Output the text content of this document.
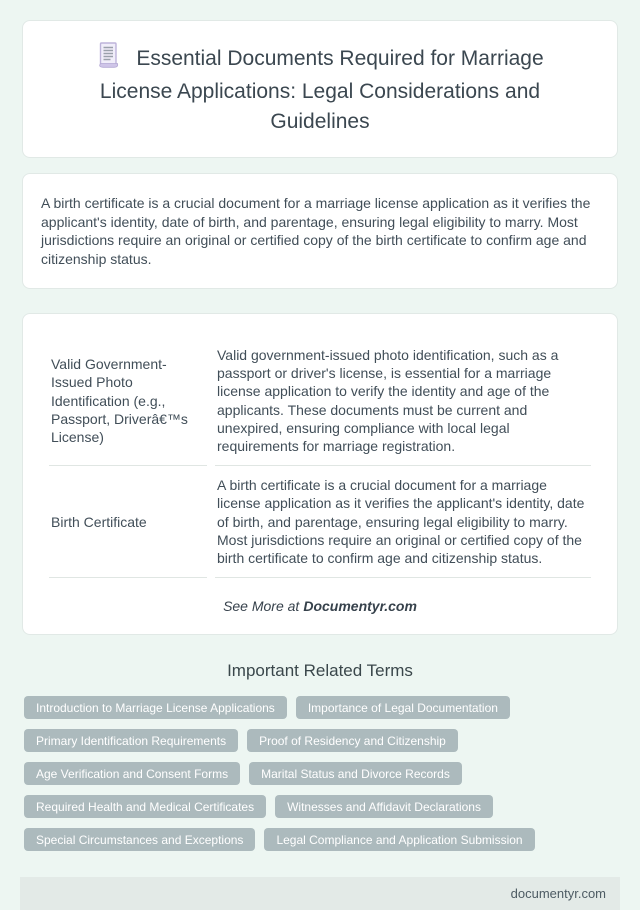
Essential Documents Required for Marriage
License Applications: Legal Considerations and
Guidelines

A birth certificate is a crucial document for a marriage license application as it verifies the applicant's identity, date of birth, and parentage, ensuring legal eligibility to marry. Most jurisdictions require an original or certified copy of the birth certificate to confirm age and citizenship status.

Valid Government-Issued Photo Identification (e.g., Passport, Driverâ€™s License)	Valid government-issued photo identification, such as a passport or driver's license, is essential for a marriage license application to verify the identity and age of the applicants. These documents must be current and unexpired, ensuring compliance with local legal requirements for marriage registration.
Birth Certificate	A birth certificate is a crucial document for a marriage license application as it verifies the applicant's identity, date of birth, and parentage, ensuring legal eligibility to marry. Most jurisdictions require an original or certified copy of the birth certificate to confirm age and citizenship status.
See More at Documentyr.com
Important Related Terms
Introduction to Marriage License Applications	Importance of Legal Documentation
Primary Identification Requirements	Proof of Residency and Citizenship
Age Verification and Consent Forms	Marital Status and Divorce Records
Required Health and Medical Certificates	Witnesses and Affidavit Declarations
Special Circumstances and Exceptions	Legal Compliance and Application Submission
documentyr.com
